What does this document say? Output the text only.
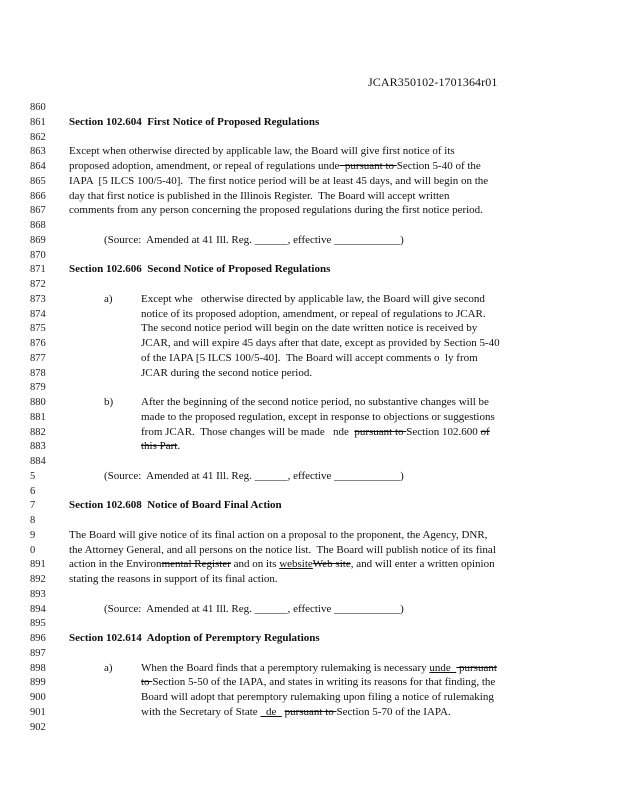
JCAR350102-1701364r01
860
861	Section 102.604  First Notice of Proposed Regulations
862
863	Except when otherwise directed by applicable law, the Board will give first notice of its
864	proposed adoption, amendment, or repeal of regulations unde  pursuant to Section 5-40 of the
865	IAPA  [5 ILCS 100/5-40].  The first notice period will be at least 45 days, and will begin on the
866	day that first notice is published in the Illinois Register.  The Board will accept written
867	comments from any person concerning the proposed regulations during the first notice period.
868
869	(Source:  Amended at 41 Ill. Reg. ______, effective ____________)
870
871	Section 102.606  Second Notice of Proposed Regulations
872
873	a)	Except whe   otherwise directed by applicable law, the Board will give second
874	notice of its proposed adoption, amendment, or repeal of regulations to JCAR.
875	The second notice period will begin on the date written notice is received by
876	JCAR, and will expire 45 days after that date, except as provided by Section 5-40
877	of the IAPA [5 ILCS 100/5-40].  The Board will accept comments o  ly from
878	JCAR during the second notice period.
879
880	b)	After the beginning of the second notice period, no substantive changes will be
881	made to the proposed regulation, except in response to objections or suggestions
882	from JCAR.  Those changes will be made   nde  pursuant to Section 102.600 of
883	this Part.
884
5	(Source:  Amended at 41 Ill. Reg. ______, effective ____________)
6
7	Section 102.608  Notice of Board Final Action
8
9	The Board will give notice of its final action on a proposal to the proponent, the Agency, DNR,
0	the Attorney General, and all persons on the notice list.  The Board will publish notice of its final
891	action in the Environmental Register and on its websiteWeb site, and will enter a written opinion
892	stating the reasons in support of its final action.
893
894	(Source:  Amended at 41 Ill. Reg. ______, effective ____________)
895
896	Section 102.614  Adoption of Peremptory Regulations
897
898	a)	When the Board finds that a peremptory rulemaking is necessary unde   pursuant
899	to Section 5-50 of the IAPA, and states in writing its reasons for that finding, the
900	Board will adopt that peremptory rulemaking upon filing a notice of rulemaking
901	with the Secretary of State   de   pursuant to Section 5-70 of the IAPA.
902
